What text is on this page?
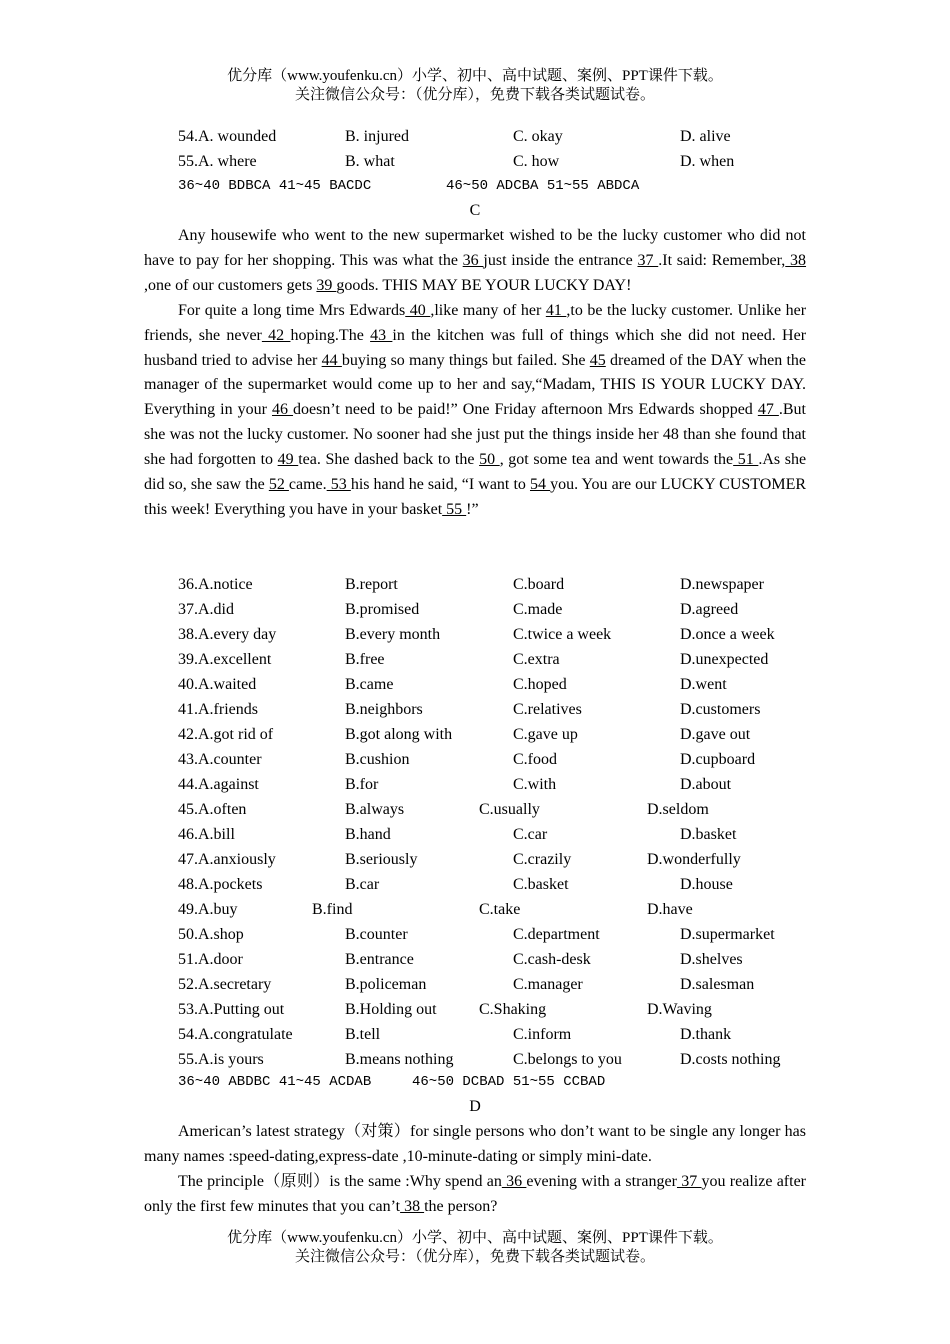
优分库（www.youfenku.cn）小学、初中、高中试题、案例、PPT课件下载。
关注微信公众号：（优分库），免费下载各类试题试卷。
54.A. wounded	B. injured	C. okay	D. alive
55.A. where	B. what	C. how	D. when
36~40 BDBCA 41~45 BACDC	46~50 ADCBA 51~55 ABDCA
C

Any housewife who went to the new supermarket wished to be the lucky customer who did not have to pay for her shopping. This was what the 36 just inside the entrance 37 .It said: Remember, 38 ,one of our customers gets 39 goods. THIS MAY BE YOUR LUCKY DAY!

For quite a long time Mrs Edwards 40 ,like many of her 41 ,to be the lucky customer. Unlike her friends, she never 42 hoping.The 43 in the kitchen was full of things which she did not need. Her husband tried to advise her 44 buying so many things but failed. She 45 dreamed of the DAY when the manager of the supermarket would come up to her and say,“Madam, THIS IS YOUR LUCKY DAY. Everything in your 46 doesn’t need to be paid!” One Friday afternoon Mrs Edwards shopped 47 .But she was not the lucky customer. No sooner had she just put the things inside her 48 than she found that she had forgotten to 49 tea. She dashed back to the 50 , got some tea and went towards the 51 .As she did so, she saw the 52 came. 53 his hand he said, “I want to 54 you. You are our LUCKY CUSTOMER this week! Everything you have in your basket 55 !”

36.A.notice	B.report	C.board	D.newspaper
37.A.did	B.promised	C.made	D.agreed
38.A.every day	B.every month	C.twice a week	D.once a week
39.A.excellent	B.free	C.extra	D.unexpected
40.A.waited	B.came	C.hoped	D.went
41.A.friends	B.neighbors	C.relatives	D.customers
42.A.got rid of	B.got along with	C.gave up	D.gave out
43.A.counter	B.cushion	C.food	D.cupboard
44.A.against	B.for	C.with	D.about
45.A.often	B.always	C.usually	D.seldom
46.A.bill	B.hand	C.car	D.basket
47.A.anxiously	B.seriously	C.crazily	D.wonderfully
48.A.pockets	B.car	C.basket	D.house
49.A.buy	B.find	C.take	D.have
50.A.shop	B.counter	C.department	D.supermarket
51.A.door	B.entrance	C.cash-desk	D.shelves
52.A.secretary	B.policeman	C.manager	D.salesman
53.A.Putting out	B.Holding out	C.Shaking	D.Waving
54.A.congratulate	B.tell	C.inform	D.thank
55.A.is yours	B.means nothing	C.belongs to you	D.costs nothing
36~40 ABDBC 41~45 ACDAB	46~50 DCBAD 51~55 CCBAD
D

American’s latest strategy（对策）for single persons who don’t want to be single any longer has many names :speed-dating,express-date ,10-minute-dating or simply mini-date.

The principle（原则）is the same :Why spend an 36 evening with a stranger 37 you realize after only the first few minutes that you can’t 38 the person?

优分库（www.youfenku.cn）小学、初中、高中试题、案例、PPT课件下载。
关注微信公众号：（优分库），免费下载各类试题试卷。
